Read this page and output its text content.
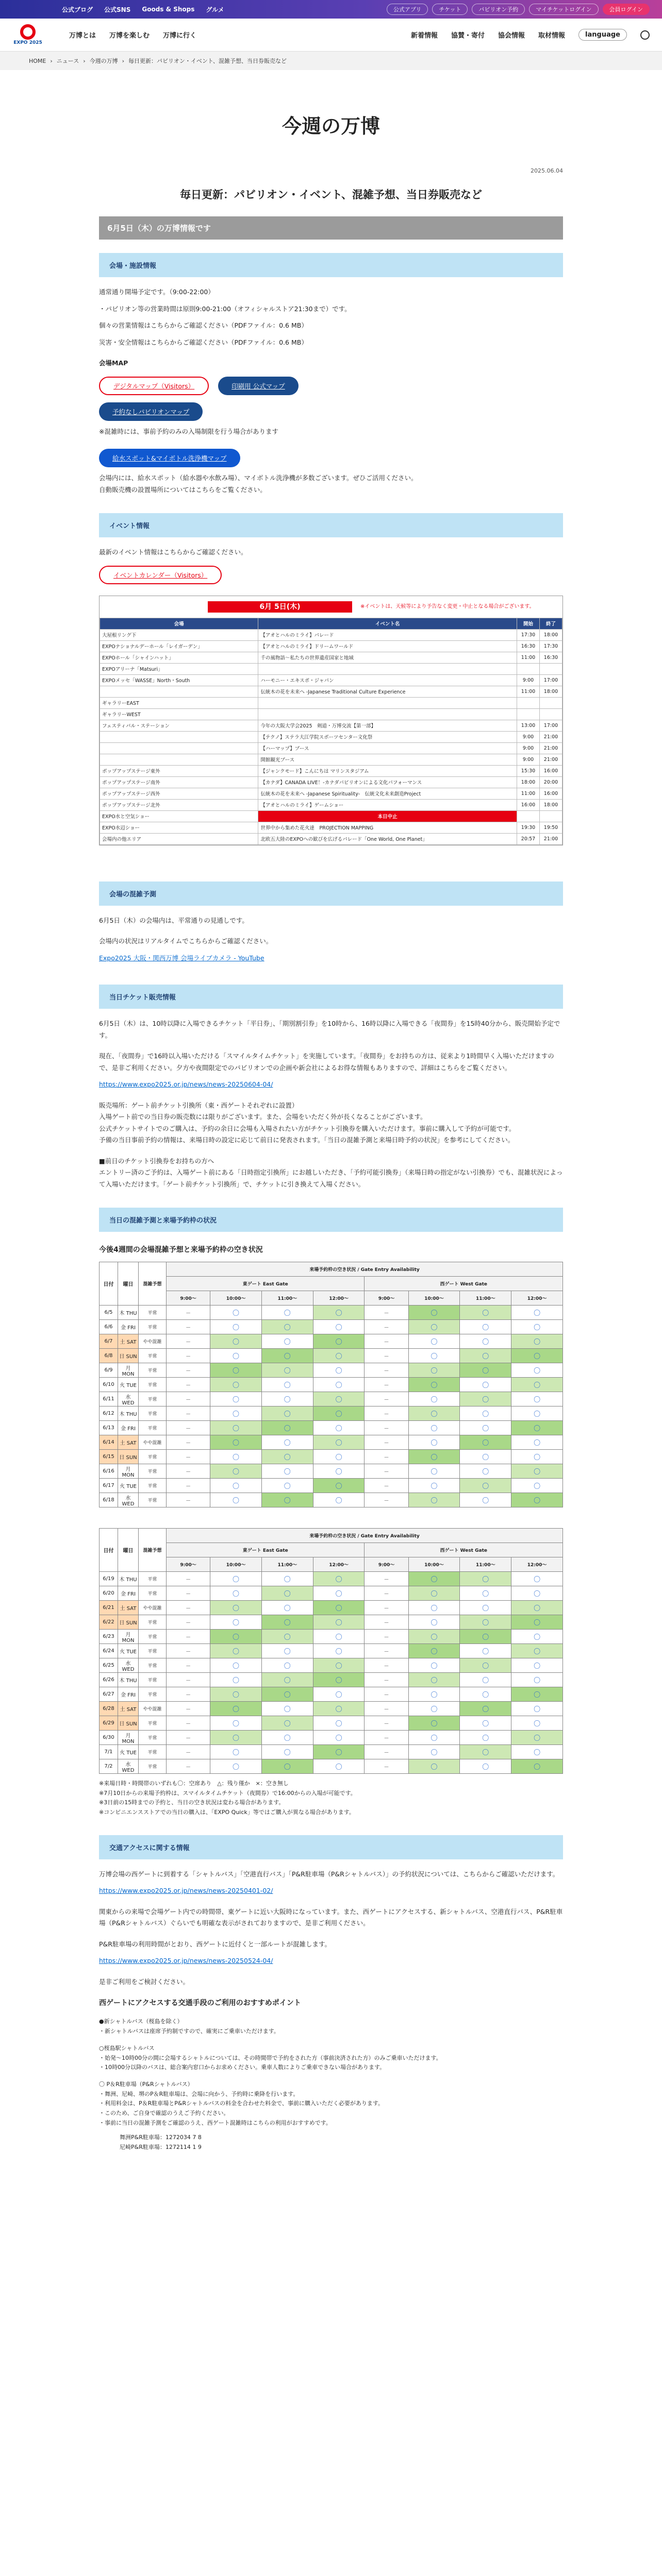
公式ブログ 公式SNS Goods & Shops グルメ	公式アプリ	チケット	パビリオン予約	マイチケットログイン	会員ログイン
EXPO 2025
万博とは 万博を楽しむ 万博に行く	新着情報 協賛・寄付 協会情報 取材情報	language
HOME › ニュース › 今週の万博 › 毎日更新：パビリオン・イベント、混雑予想、当日券販売など
今週の万博
2025.06.04
毎日更新：パビリオン・イベント、混雑予想、当日券販売など
6月5日（木）の万博情報です
会場・施設情報

通常通り開場予定です。（9:00-22:00）

・パビリオン等の営業時間は原則9:00-21:00（オフィシャルストア21:30まで）です。

個々の営業情報はこちらからご確認ください（PDFファイル：0.6 MB）

災害・安全情報はこちらからご確認ください（PDFファイル：0.6 MB）

会場MAP

デジタルマップ（Visitors）	印刷用 公式マップ
予約なしパビリオンマップ

※混雑時には、事前予約のみの入場制限を行う場合があります

給水スポット&マイボトル洗浄機マップ

会場内には、給水スポット（給水器や水飲み場）、マイボトル洗浄機が多数ございます。ぜひご活用ください。

自動販売機の設置場所についてはこちらをご覧ください。

イベント情報

最新のイベント情報はこちらからご確認ください。

イベントカレンダー（Visitors）
6月 5日(木)	※イベントは、天候等により予告なく変更・中止となる場合がございます。
会場	イベント名	開始	終了
大屋根リング下	【アオとハルのミライ】パレード	17:30	18:00
EXPOナショナルデーホール「レイガーデン」	【アオとハルのミライ】ドリームワールド	16:30	17:30
EXPOホール「シャインハット」	千の風物語〜私たちの世界遺産国家と地域	11:00	16:30
EXPOアリーナ「Matsuri」			
EXPOメッセ「WASSE」North・South	ハーモニー・エキスポ・ジャパン	9:00	17:00
	伝統木の花を未来へ -Japanese Traditional Culture Experience	11:00	18:00
ギャラリーEAST			
ギャラリーWEST			
フェスティバル・ステーション	今年の大阪大学会2025　剣道・万博交流【第一部】	13:00	17:00
	【テクノ】ステラ大江学院スポーツセンター文化祭	9:00	21:00
	【ハーマップ】ブース	9:00	21:00
	開館観光ブース	9:00	21:00
ポップアップステージ東外	【ジャンクモード】こんにちは マリンスタジアム	15:30	16:00
ポップアップステージ南外	【カナダ】CANADA LIVE！-カナダパビリオンによる文化パフォーマンス	18:00	20:00
ポップアップステージ西外	伝統木の花を未来へ -Japanese Spirituality-　伝統文化未来創造Project	11:00	16:00
ポップアップステージ北外	【アオとハルのミライ】ゲームショー	16:00	18:00
EXPO水と空気ショー	本日中止		
EXPO水辺ショー	世界中から集めた花火達　PROJECTION MAPPING	19:30	19:50
会場内の他エリア	北欧五大陸のEXPOへの歓びを広げるパレード「One World, One Planet」	20:57	21:00
会場の混雑予測

6月5日（木）の会場内は、平常通りの見通しです。

会場内の状況はリアルタイムでこちらからご確認ください。

Expo2025 大阪・関西万博 会場ライブカメラ - YouTube

当日チケット販売情報

6月5日（木）は、10時以降に入場できるチケット「平日券」、「期別割引券」を10時から、16時以降に入場できる「夜間券」を15時40分から、販売開始予定です。

現在、「夜間券」で16時以入場いただける「スマイルタイムチケット」を実施しています。「夜間券」をお持ちの方は、従来より1時間早く入場いただけますので、是非ご利用ください。夕方や夜間限定でのパビリオンでの企画や新会社によるお得な情報もありますので、詳細はこちらをご覧ください。

https://www.expo2025.or.jp/news/news-20250604-04/

販売場所：ゲート前チケット引換所（東・西ゲートそれぞれに設置）

入場ゲート前での当日券の販売数には限りがございます。また、会場をいただく外が長くなることがございます。

公式チケットサイトでのご購入は、予約の余日に会場も入場されたい方がチケット引換券を購入いただけます。事前に購入して予約が可能です。

予備の当日事前予約の情報は、来場日時の設定に応じて前日に発表されます。「当日の混雑予測と来場日時予約の状況」を参考にしてください。

■前日のチケット引換券をお持ちの方へ

エントリー済のご予約は、入場ゲート前にある「日時指定引換所」にお越しいただき、「予約可能引換券」（来場日時の指定がない引換券）でも、混雑状況によって入場いただけます。「ゲート前チケット引換所」で、チケットに引き換えて入場ください。

当日の混雑予測と来場予約枠の状況

今後4週間の会場混雑予想と来場予約枠の空き状況

日付	曜日	混雑予想	来場予約枠の空き状況 / Gate Entry Availability							
			東ゲート East Gate				西ゲート West Gate			
			9:00〜	10:00〜	11:00〜	12:00〜	9:00〜	10:00〜	11:00〜	12:00〜
6/5	木 THU	平常	－	〇	〇	〇	－	〇	〇	〇
6/6	金 FRI	平常	－	〇	〇	〇	－	〇	〇	〇
6/7	土 SAT	やや混雑	－	〇	〇	〇	－	〇	〇	〇
6/8	日 SUN	平常	－	〇	〇	〇	－	〇	〇	〇
6/9	月 MON	平常	－	〇	〇	〇	－	〇	〇	〇
6/10	火 TUE	平常	－	〇	〇	〇	－	〇	〇	〇
6/11	水 WED	平常	－	〇	〇	〇	－	〇	〇	〇
6/12	木 THU	平常	－	〇	〇	〇	－	〇	〇	〇
6/13	金 FRI	平常	－	〇	〇	〇	－	〇	〇	〇
6/14	土 SAT	やや混雑	－	〇	〇	〇	－	〇	〇	〇
6/15	日 SUN	平常	－	〇	〇	〇	－	〇	〇	〇
6/16	月 MON	平常	－	〇	〇	〇	－	〇	〇	〇
6/17	火 TUE	平常	－	〇	〇	〇	－	〇	〇	〇
6/18	水 WED	平常	－	〇	〇	〇	－	〇	〇	〇
日付	曜日	混雑予想	来場予約枠の空き状況 / Gate Entry Availability							
			東ゲート East Gate				西ゲート West Gate			
			9:00〜	10:00〜	11:00〜	12:00〜	9:00〜	10:00〜	11:00〜	12:00〜
6/19	木 THU	平常	－	〇	〇	〇	－	〇	〇	〇
6/20	金 FRI	平常	－	〇	〇	〇	－	〇	〇	〇
6/21	土 SAT	やや混雑	－	〇	〇	〇	－	〇	〇	〇
6/22	日 SUN	平常	－	〇	〇	〇	－	〇	〇	〇
6/23	月 MON	平常	－	〇	〇	〇	－	〇	〇	〇
6/24	火 TUE	平常	－	〇	〇	〇	－	〇	〇	〇
6/25	水 WED	平常	－	〇	〇	〇	－	〇	〇	〇
6/26	木 THU	平常	－	〇	〇	〇	－	〇	〇	〇
6/27	金 FRI	平常	－	〇	〇	〇	－	〇	〇	〇
6/28	土 SAT	やや混雑	－	〇	〇	〇	－	〇	〇	〇
6/29	日 SUN	平常	－	〇	〇	〇	－	〇	〇	〇
6/30	月 MON	平常	－	〇	〇	〇	－	〇	〇	〇
7/1	火 TUE	平常	－	〇	〇	〇	－	〇	〇	〇
7/2	水 WED	平常	－	〇	〇	〇	－	〇	〇	〇

※来場日時・時間帯のいずれも〇：空席あり　△：残り僅か　×：空き無し

※7月10日からの来場予約枠は、スマイルタイムチケット（夜間券）で16:00からの入場が可能です。

※3日前の15時までの予約と、当日の空き状況は変わる場合があります。

※コンビニエンスストアでの当日の購入は、「EXPO Quick」等ではご購入が異なる場合があります。

交通アクセスに関する情報

万博会場の西ゲートに到着する「シャトルバス」「空港直行バス」「P&R駐車場（P&Rシャトルバス）」の予約状況については、こちらからご確認いただけます。

https://www.expo2025.or.jp/news/news-20250401-02/

関東からの来場で会場ゲート内での時間帯、東ゲートに近い大阪時になっています。また、西ゲートにアクセスする、新シャトルバス、空港直行バス、P&R駐車場（P&Rシャトルバス）ぐらいでも明確な表示がされておりますので、是非ご利用ください。

P&R駐車場の利用時間がとおり、西ゲートに近付くと一部ルートが混雑します。

https://www.expo2025.or.jp/news/news-20250524-04/

是非ご利用をご検討ください。

西ゲートにアクセスする交通手段のご利用のおすすめポイント

●新シャトルバス（桜島を除く）

・新シャトルバスは座席予約制ですので、確実にご乗車いただけます。

○桜島駅シャトルバス

・始発〜10時00分の間に会場するシャトルについては、その時間帯で予約をされた方（事前決済された方）のみご乗車いただけます。

・10時00分以降のバスは、総合案内窓口からお求めください。乗車人数によりご乗車できない場合があります。

〇 P＆R駐車場（P&Rシャトルバス）

・舞洲、尼崎、堺のP＆R駐車場は、会場に向かう、予約時に乗降を行います。

・利用料金は、P＆R駐車場とP&Rシャトルバスの料金を合わせた料金で、事前に購入いただく必要があります。

・このため、ご自身で確認のうえご予約ください。

・事前に当日の混雑予測をご確認のうえ、西ゲート混雑時はこちらの利用がおすすめです。

舞洲P&R駐車場：1272034 7 8

尼崎P&R駐車場：1272114 1 9
